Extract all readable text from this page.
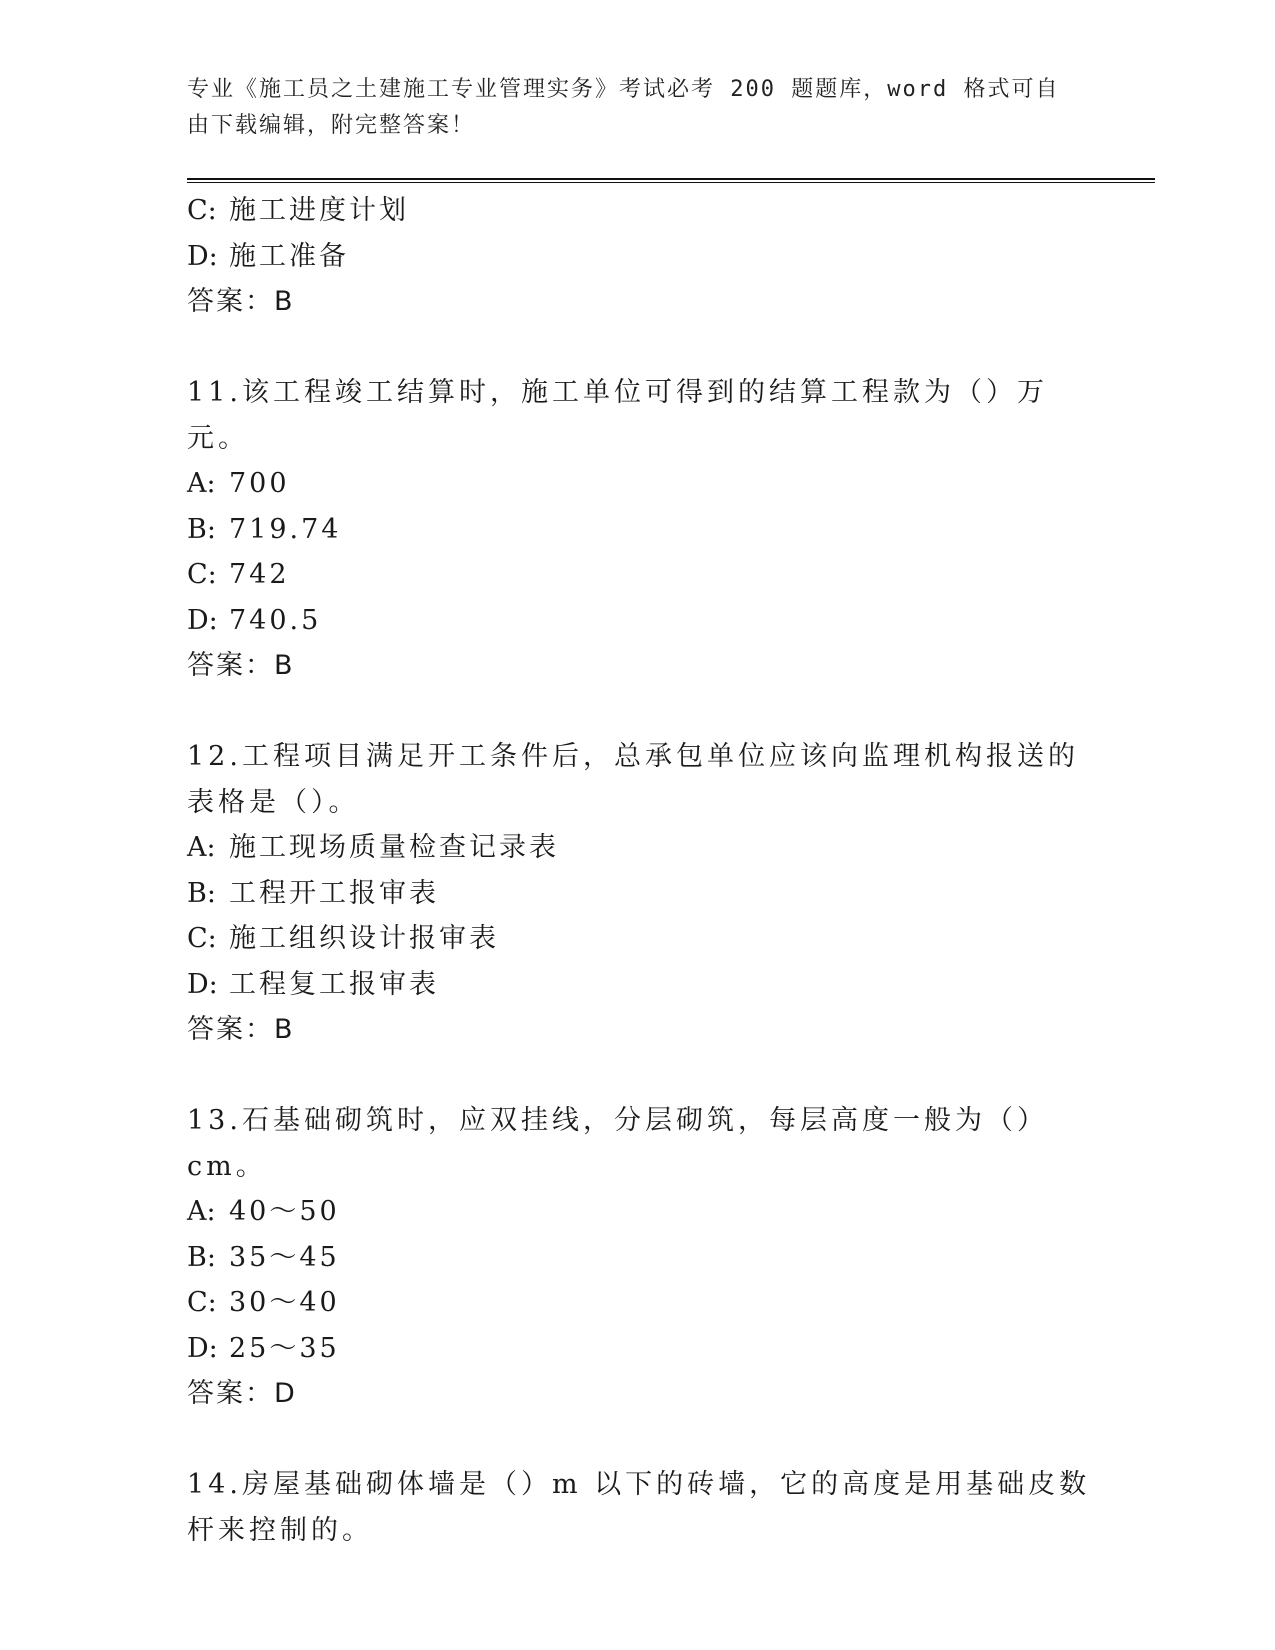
专业《施工员之土建施工专业管理实务》考试必考 200 题题库，word 格式可自由下载编辑，附完整答案！
C: 施工进度计划
D: 施工准备
答案：B
11.该工程竣工结算时，施工单位可得到的结算工程款为（）万元。
A: 700
B: 719.74
C: 742
D: 740.5
答案：B
12.工程项目满足开工条件后，总承包单位应该向监理机构报送的表格是（）。
A: 施工现场质量检查记录表
B: 工程开工报审表
C: 施工组织设计报审表
D: 工程复工报审表
答案：B
13.石基础砌筑时，应双挂线，分层砌筑，每层高度一般为（）cm。
A: 40～50
B: 35～45
C: 30～40
D: 25～35
答案：D
14.房屋基础砌体墙是（）m 以下的砖墙，它的高度是用基础皮数杆来控制的。
